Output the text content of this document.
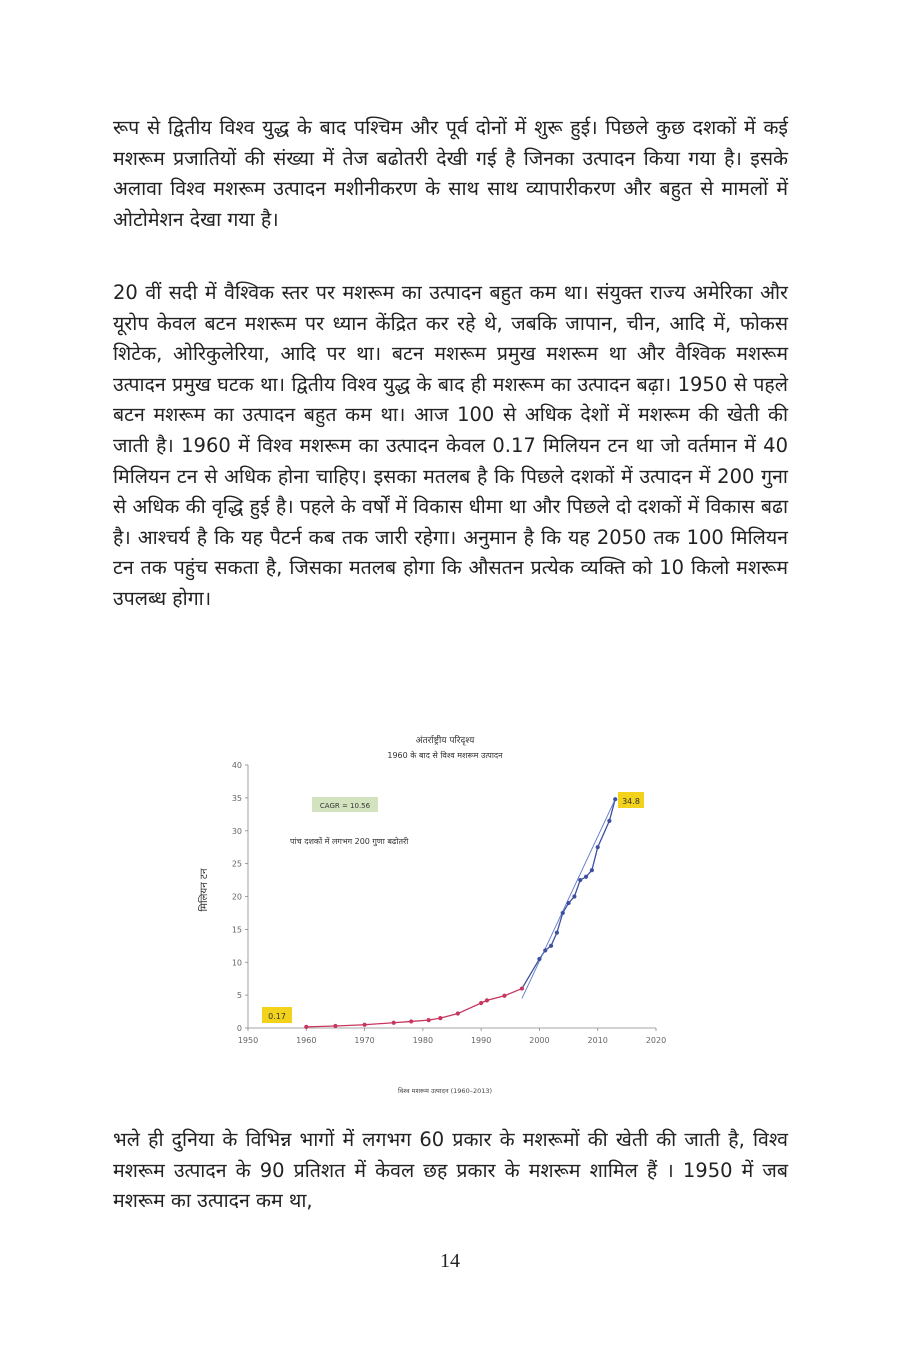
रूप से द्वितीय विश्व युद्ध के बाद पश्चिम और पूर्व दोनों में शुरू हुई। पिछले कुछ दशकों में कई मशरूम प्रजातियों की संख्या में तेज बढोतरी देखी गई है जिनका उत्पादन किया गया है। इसके अलावा विश्व मशरूम उत्पादन मशीनीकरण के साथ साथ व्यापारीकरण और बहुत से मामलों में ओटोमेशन देखा गया है।

20 वीं सदी में वैश्विक स्तर पर मशरूम का उत्पादन बहुत कम था। संयुक्त राज्य अमेरिका और यूरोप केवल बटन मशरूम पर ध्यान केंद्रित कर रहे थे, जबकि जापान, चीन, आदि में, फोकस शिटेक, ओरिकुलेरिया, आदि पर था। बटन मशरूम प्रमुख मशरूम था और वैश्विक मशरूम उत्पादन प्रमुख घटक था। द्वितीय विश्व युद्ध के बाद ही मशरूम का उत्पादन बढ़ा। 1950 से पहले बटन मशरूम का उत्पादन बहुत कम था। आज 100 से अधिक देशों में मशरूम की खेती की जाती है। 1960 में विश्व मशरूम का उत्पादन केवल 0.17 मिलियन टन था जो वर्तमान में 40 मिलियन टन से अधिक होना चाहिए। इसका मतलब है कि पिछले दशकों में उत्पादन में 200 गुना से अधिक की वृद्धि हुई है। पहले के वर्षों में विकास धीमा था और पिछले दो दशकों में विकास बढा है। आश्चर्य है कि यह पैटर्न कब तक जारी रहेगा। अनुमान है कि यह 2050 तक 100 मिलियन टन तक पहुंच सकता है, जिसका मतलब होगा कि औसतन प्रत्येक व्यक्ति को 10 किलो मशरूम उपलब्ध होगा।

अंतर्राष्ट्रीय परिदृश्य
1960 के बाद से विश्व मशरूम उत्पादन
0
5
10
15
20
25
30
35
40
1950	1960	1970	1980	1990	2000	2010	2020
मिलियन टन
CAGR = 10.56
पांच दशकों में लगभग 200 गुणा बढोतरी
0.17
34.8
विश्व मशरूम उत्पादन (1960–2013)

भले ही दुनिया के विभिन्न भागों में लगभग 60 प्रकार के मशरूमों की खेती की जाती है, विश्व मशरूम उत्पादन के 90 प्रतिशत में केवल छह प्रकार के मशरूम शामिल हैं । 1950 में जब मशरूम का उत्पादन कम था,

14
